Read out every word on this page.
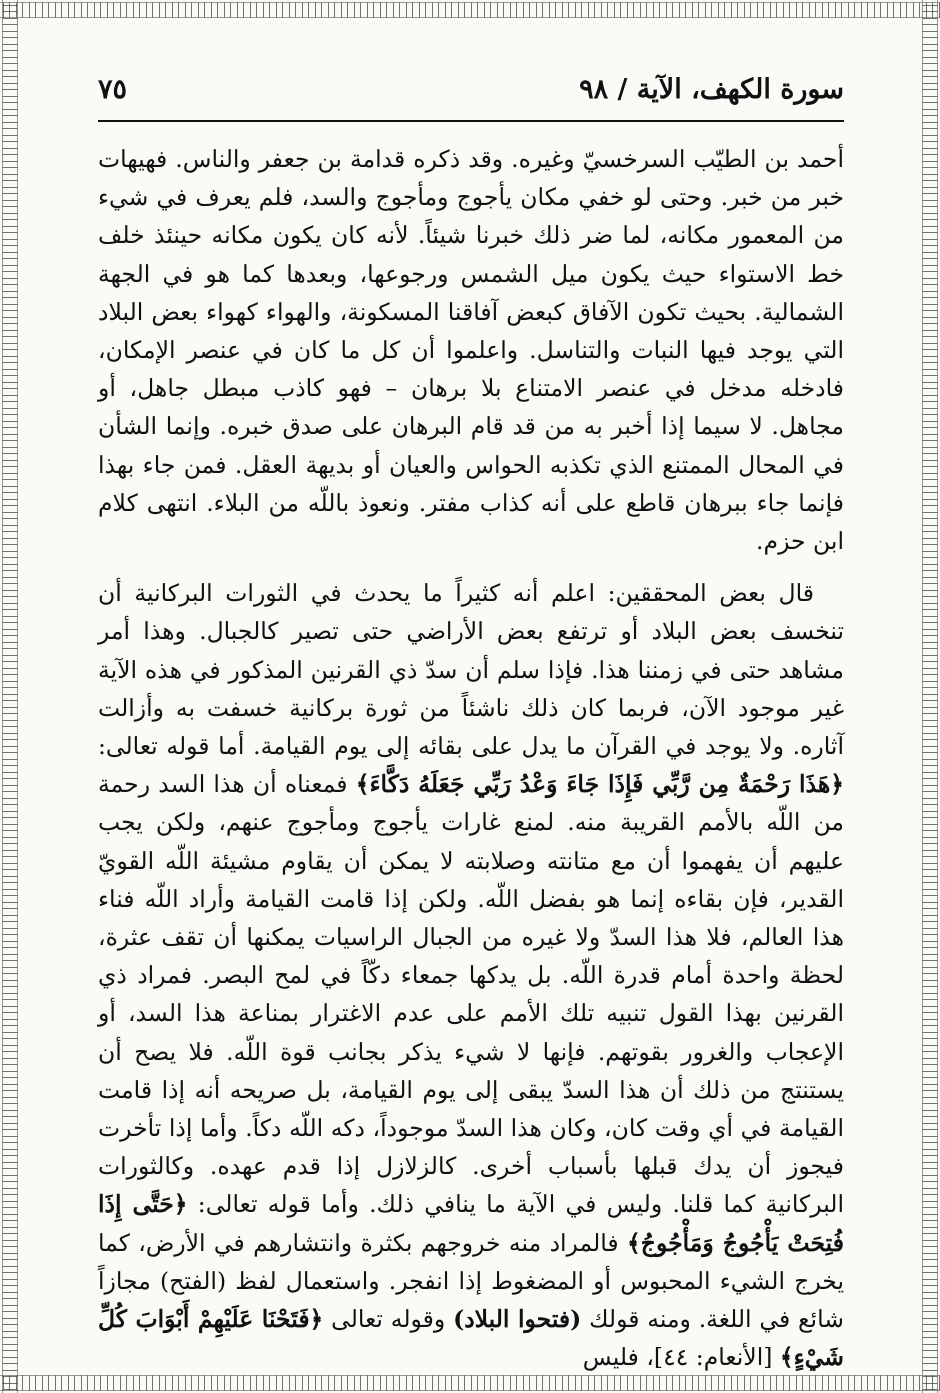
سورة الكهف، الآية / ٩٨
٧٥

أحمد بن الطيّب السرخسيّ وغيره. وقد ذكره قدامة بن جعفر والناس. فهيهات خبر من خبر. وحتى لو خفي مكان يأجوج ومأجوج والسد، فلم يعرف في شيء من المعمور مكانه، لما ضر ذلك خبرنا شيئاً. لأنه كان يكون مكانه حينئذ خلف خط الاستواء حيث يكون ميل الشمس ورجوعها، وبعدها كما هو في الجهة الشمالية. بحيث تكون الآفاق كبعض آفاقنا المسكونة، والهواء كهواء بعض البلاد التي يوجد فيها النبات والتناسل. واعلموا أن كل ما كان في عنصر الإمكان، فادخله مدخل في عنصر الامتناع بلا برهان – فهو كاذب مبطل جاهل، أو مجاهل. لا سيما إذا أخبر به من قد قام البرهان على صدق خبره. وإنما الشأن في المحال الممتنع الذي تكذبه الحواس والعيان أو بديهة العقل. فمن جاء بهذا فإنما جاء ببرهان قاطع على أنه كذاب مفتر. ونعوذ باللّه من البلاء. انتهى كلام ابن حزم.

قال بعض المحققين: اعلم أنه كثيراً ما يحدث في الثورات البركانية أن تنخسف بعض البلاد أو ترتفع بعض الأراضي حتى تصير كالجبال. وهذا أمر مشاهد حتى في زمننا هذا. فإذا سلم أن سدّ ذي القرنين المذكور في هذه الآية غير موجود الآن، فربما كان ذلك ناشئاً من ثورة بركانية خسفت به وأزالت آثاره. ولا يوجد في القرآن ما يدل على بقائه إلى يوم القيامة. أما قوله تعالى: ﴿هَذَا رَحْمَةٌ مِن رَّبِّي فَإِذَا جَاءَ وَعْدُ رَبِّي جَعَلَهُ دَكَّاءَ﴾ فمعناه أن هذا السد رحمة من اللّه بالأمم القريبة منه. لمنع غارات يأجوج ومأجوج عنهم، ولكن يجب عليهم أن يفهموا أن مع متانته وصلابته لا يمكن أن يقاوم مشيئة اللّه القويّ القدير، فإن بقاءه إنما هو بفضل اللّه. ولكن إذا قامت القيامة وأراد اللّه فناء هذا العالم، فلا هذا السدّ ولا غيره من الجبال الراسيات يمكنها أن تقف عثرة، لحظة واحدة أمام قدرة اللّه. بل يدكها جمعاء دكّاً في لمح البصر. فمراد ذي القرنين بهذا القول تنبيه تلك الأمم على عدم الاغترار بمناعة هذا السد، أو الإعجاب والغرور بقوتهم. فإنها لا شيء يذكر بجانب قوة اللّه. فلا يصح أن يستنتج من ذلك أن هذا السدّ يبقى إلى يوم القيامة، بل صريحه أنه إذا قامت القيامة في أي وقت كان، وكان هذا السدّ موجوداً، دكه اللّه دكاً. وأما إذا تأخرت فيجوز أن يدك قبلها بأسباب أخرى. كالزلازل إذا قدم عهده. وكالثورات البركانية كما قلنا. وليس في الآية ما ينافي ذلك. وأما قوله تعالى: ﴿حَتَّى إِذَا فُتِحَتْ يَأْجُوجُ وَمَأْجُوجُ﴾ فالمراد منه خروجهم بكثرة وانتشارهم في الأرض، كما يخرج الشيء المحبوس أو المضغوط إذا انفجر. واستعمال لفظ (الفتح) مجازاً شائع في اللغة. ومنه قولك (فتحوا البلاد) وقوله تعالى ﴿فَتَحْنَا عَلَيْهِمْ أَبْوَابَ كُلِّ شَيْءٍ﴾ [الأنعام: ٤٤]، فليس
